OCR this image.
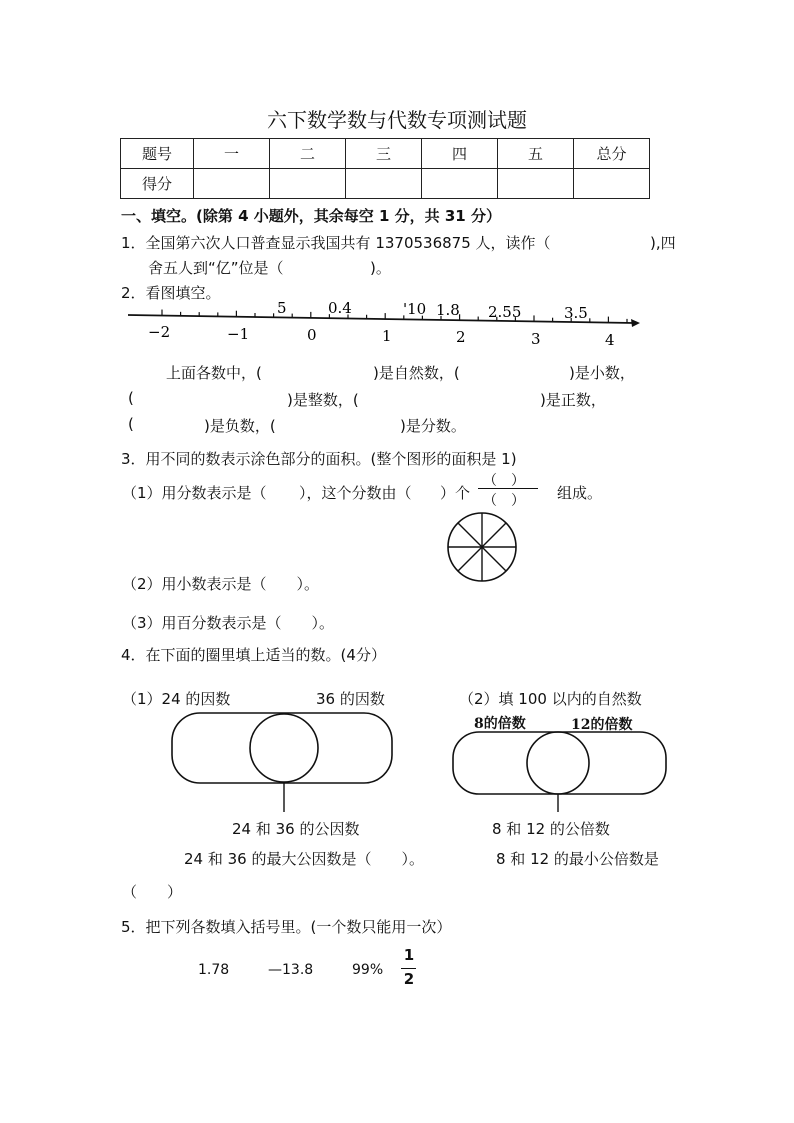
六下数学数与代数专项测试题
题号	一	二	三	四	五	总分
得分						
一、填空。(除第 4 小题外，其余每空 1 分，共 31 分）
1．全国第六次人口普查显示我国共有 1370536875 人，读作（	),四
舍五人到“亿”位是（	)。
2．看图填空。
5	0.4	'10 1.8 2.55	3.5
−2	−1	0	1	2	3	4
上面各数中，(	)是自然数，(	)是小数，
(	)是整数，(	)是正数，
(	)是负数，(	)是分数。
3．用不同的数表示涂色部分的面积。(整个图形的面积是 1)
（1）用分数表示是（ ），这个分数由（ ）个
（　）
（　）	组成。
（2）用小数表示是（　　）。
（3）用百分数表示是（　　）。
4．在下面的圈里填上适当的数。(4分）
（1）24 的因数	36 的因数	（2）填 100 以内的自然数
8的倍数	12的倍数
24 和 36 的公因数	8 和 12 的公倍数
24 和 36 的最大公因数是（　　）。	8 和 12 的最小公倍数是
（　　）
5．把下列各数填入括号里。(一个数只能用一次）
1.78	—13.8	99%
1
2
